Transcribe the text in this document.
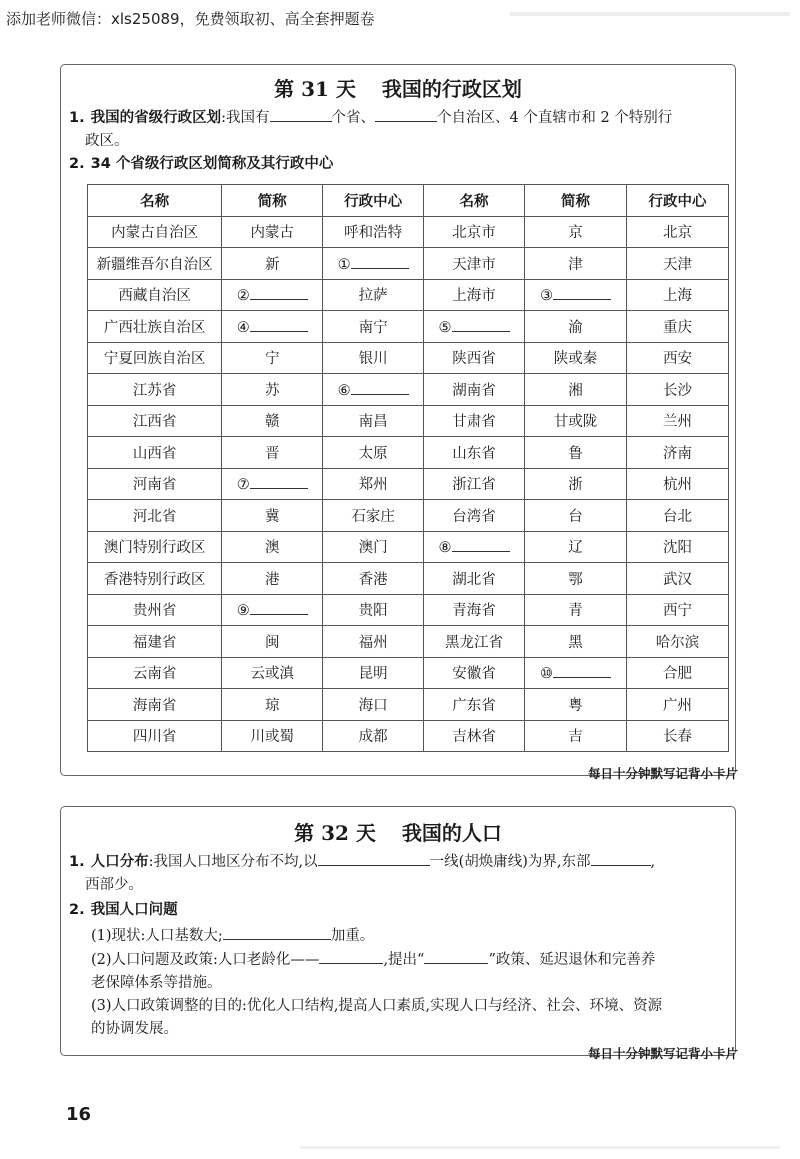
添加老师微信：xls25089，免费领取初、高全套押题卷
第 31 天 我国的行政区划
1. 我国的省级行政区划:我国有	个省、	个自治区、4 个直辖市和 2 个特别行
政区。
2. 34 个省级行政区划简称及其行政中心
名称	简称	行政中心	名称	简称	行政中心
内蒙古自治区	内蒙古	呼和浩特	北京市	京	北京
新疆维吾尔自治区	新	①	天津市	津	天津
西藏自治区	②	拉萨	上海市	③	上海
广西壮族自治区	④	南宁	⑤	渝	重庆
宁夏回族自治区	宁	银川	陕西省	陕或秦	西安
江苏省	苏	⑥	湖南省	湘	长沙
江西省	赣	南昌	甘肃省	甘或陇	兰州
山西省	晋	太原	山东省	鲁	济南
河南省	⑦	郑州	浙江省	浙	杭州
河北省	冀	石家庄	台湾省	台	台北
澳门特别行政区	澳	澳门	⑧	辽	沈阳
香港特别行政区	港	香港	湖北省	鄂	武汉
贵州省	⑨	贵阳	青海省	青	西宁
福建省	闽	福州	黑龙江省	黑	哈尔滨
云南省	云或滇	昆明	安徽省	⑩	合肥
海南省	琼	海口	广东省	粤	广州
四川省	川或蜀	成都	吉林省	吉	长春
每日十分钟默写记背小卡片
第 32 天 我国的人口
1. 人口分布:我国人口地区分布不均,以	一线(胡焕庸线)为界,东部	,
西部少。
2. 我国人口问题
(1)现状:人口基数大;	加重。
(2)人口问题及政策:人口老龄化——	,提出“	”政策、延迟退休和完善养
老保障体系等措施。
(3)人口政策调整的目的:优化人口结构,提高人口素质,实现人口与经济、社会、环境、资源
的协调发展。
每日十分钟默写记背小卡片
16
